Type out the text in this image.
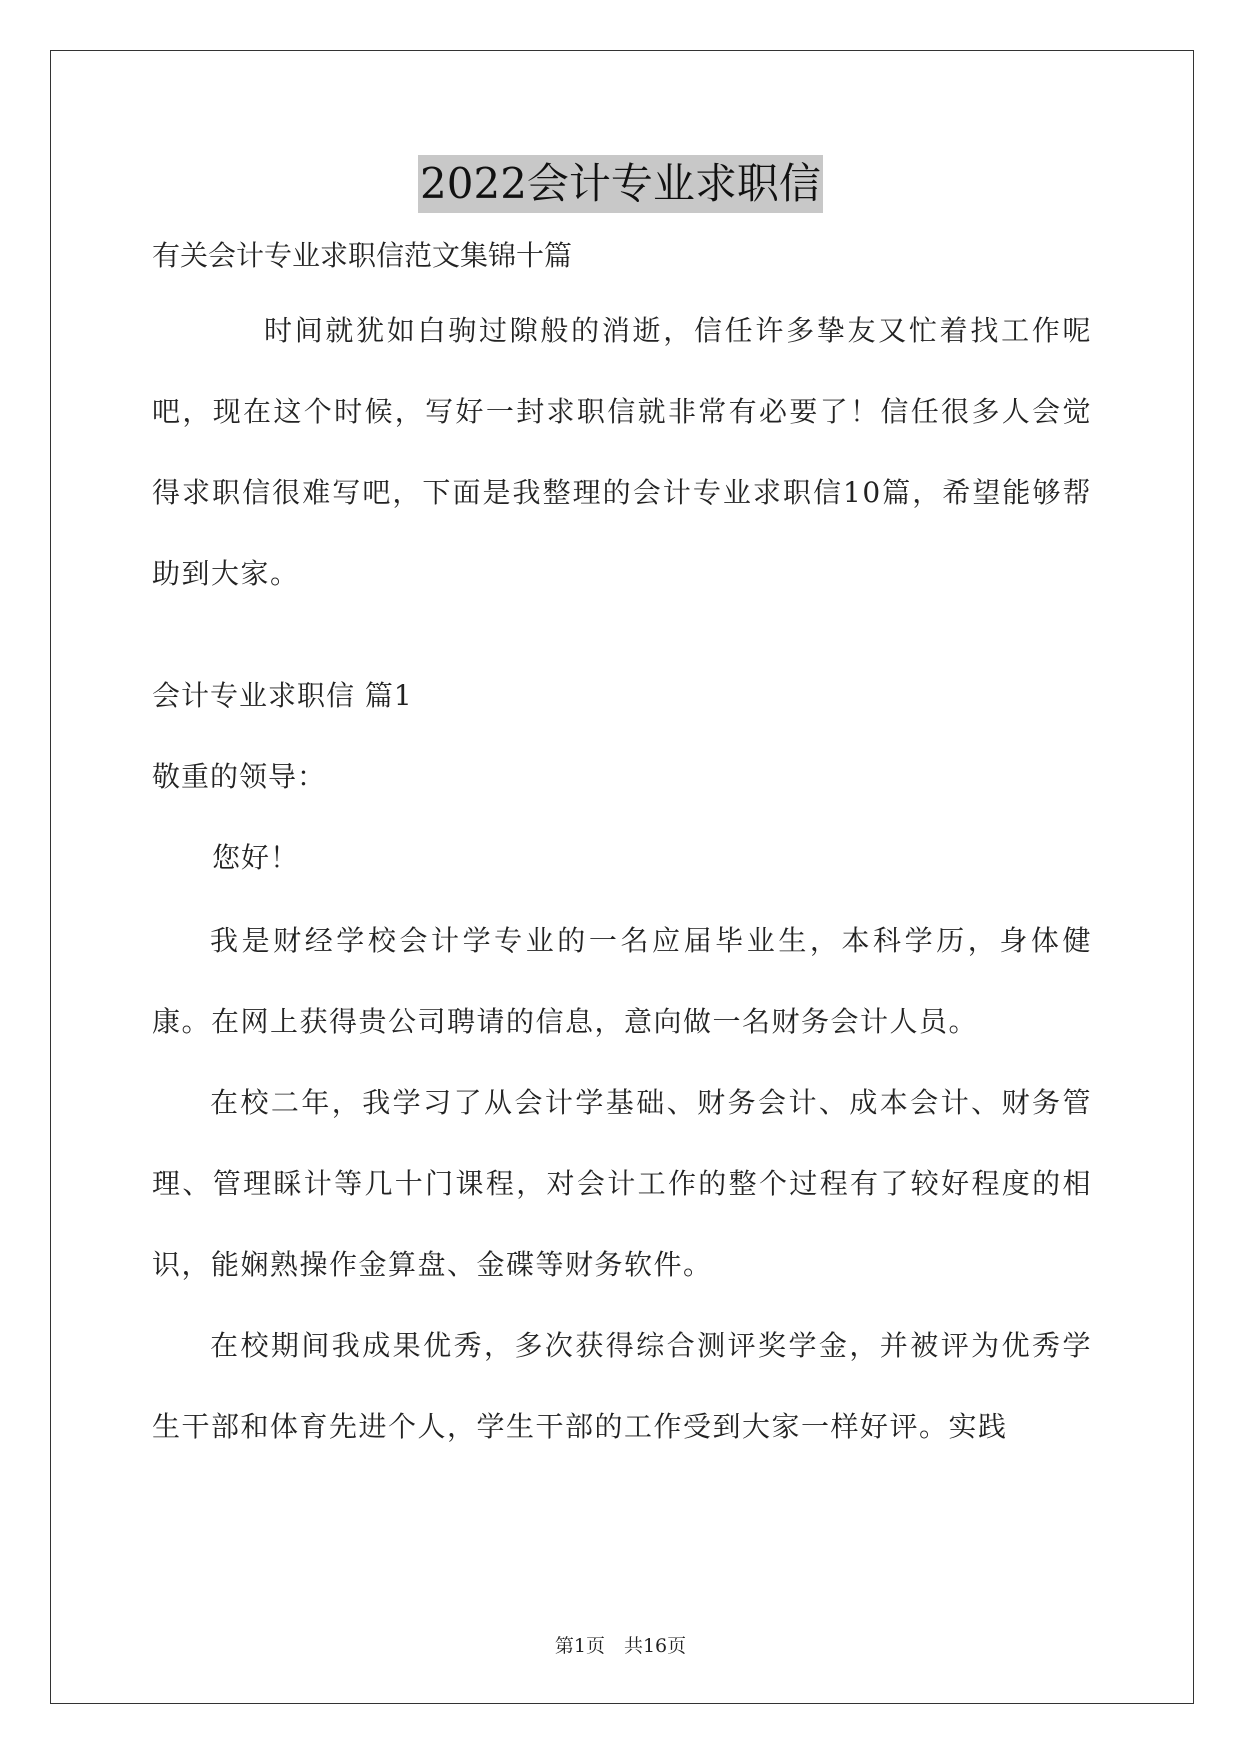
2022会计专业求职信
有关会计专业求职信范文集锦十篇

时间就犹如白驹过隙般的消逝，信任许多挚友又忙着找工作呢吧，现在这个时候，写好一封求职信就非常有必要了！信任很多人会觉得求职信很难写吧，下面是我整理的会计专业求职信10篇，希望能够帮助到大家。

会计专业求职信 篇1
敬重的领导：
您好！

我是财经学校会计学专业的一名应届毕业生，本科学历，身体健康。在网上获得贵公司聘请的信息，意向做一名财务会计人员。

在校二年，我学习了从会计学基础、财务会计、成本会计、财务管理、管理睬计等几十门课程，对会计工作的整个过程有了较好程度的相识，能娴熟操作金算盘、金碟等财务软件。

在校期间我成果优秀，多次获得综合测评奖学金，并被评为优秀学生干部和体育先进个人，学生干部的工作受到大家一样好评。实践

第1页　共16页
